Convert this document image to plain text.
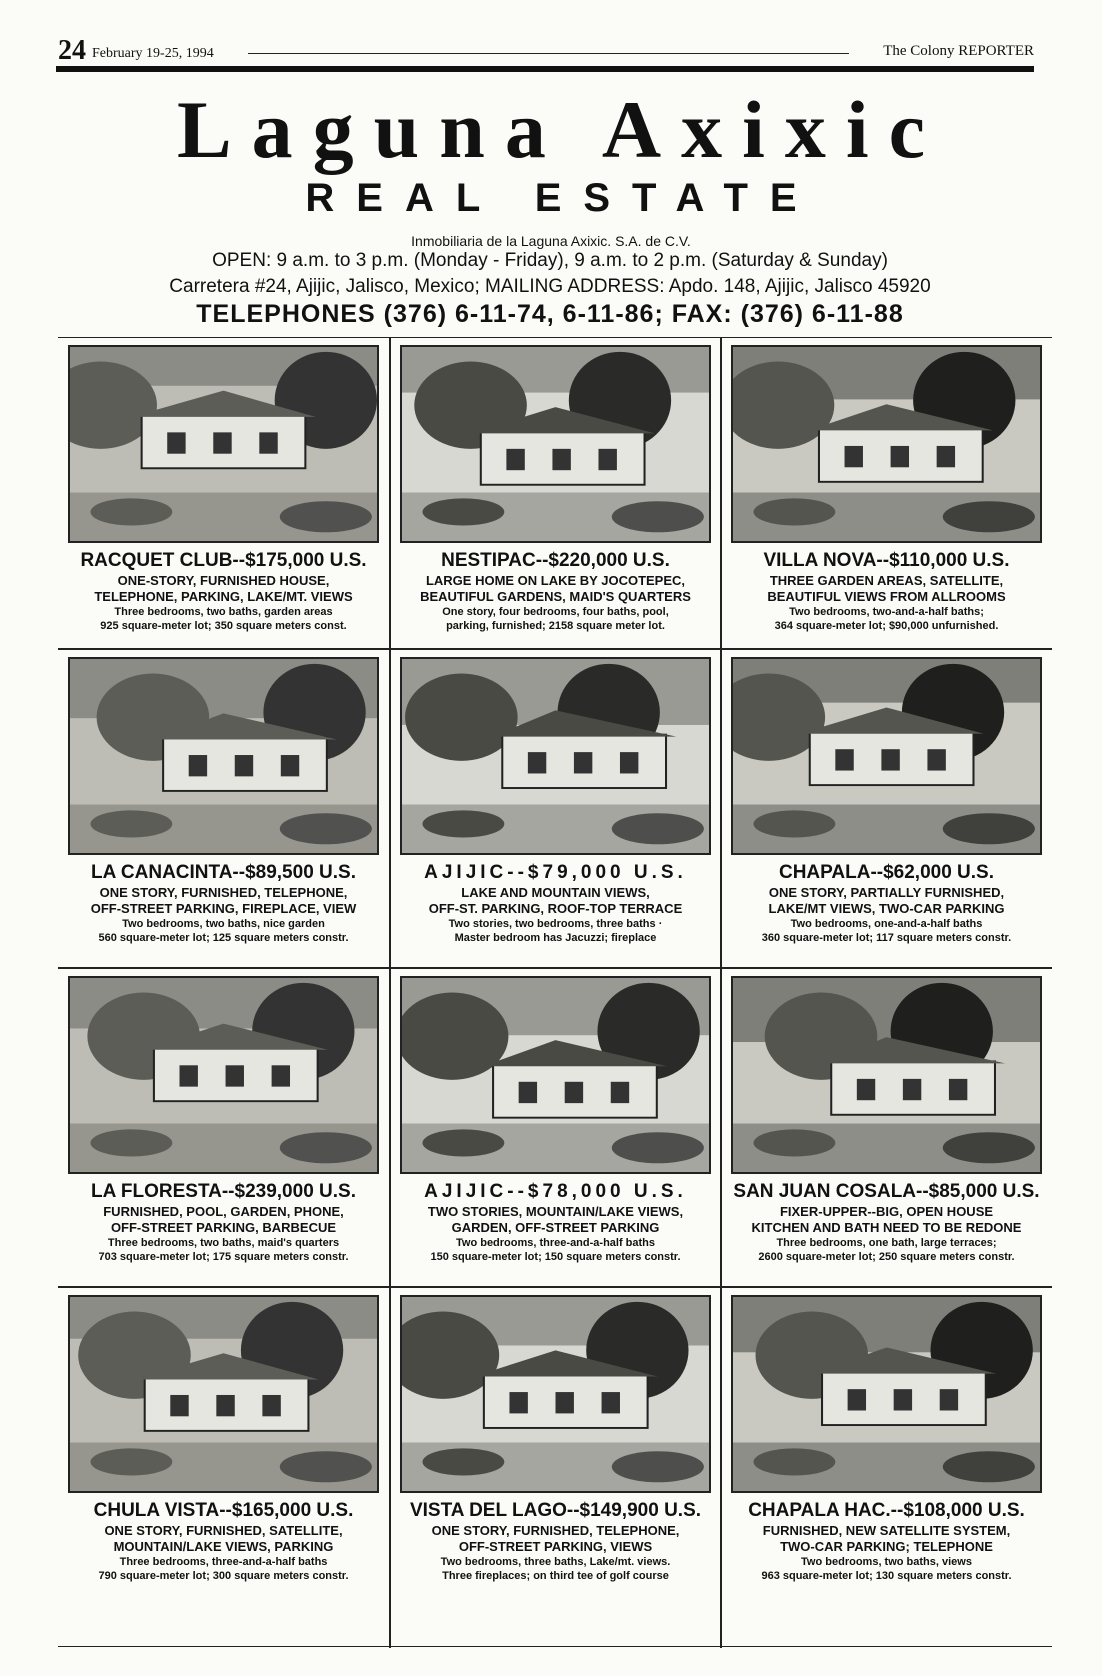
24 February 19-25, 1994	The Colony REPORTER
Laguna Axixic
REAL ESTATE
Inmobiliaria de la Laguna Axixic. S.A. de C.V.
OPEN: 9 a.m. to 3 p.m. (Monday - Friday), 9 a.m. to 2 p.m. (Saturday & Sunday)
Carretera #24, Ajijic, Jalisco, Mexico; MAILING ADDRESS: Apdo. 148, Ajijic, Jalisco 45920
TELEPHONES (376) 6-11-74, 6-11-86; FAX: (376) 6-11-88
RACQUET CLUB--$175,000 U.S.
ONE-STORY, FURNISHED HOUSE,
TELEPHONE, PARKING, LAKE/MT. VIEWS
Three bedrooms, two baths, garden areas
925 square-meter lot; 350 square meters const.
NESTIPAC--$220,000 U.S.
LARGE HOME ON LAKE BY JOCOTEPEC,
BEAUTIFUL GARDENS, MAID'S QUARTERS
One story, four bedrooms, four baths, pool,
parking, furnished; 2158 square meter lot.
VILLA NOVA--$110,000 U.S.
THREE GARDEN AREAS, SATELLITE,
BEAUTIFUL VIEWS FROM ALLROOMS
Two bedrooms, two-and-a-half baths;
364 square-meter lot; $90,000 unfurnished.
LA CANACINTA--$89,500 U.S.
ONE STORY, FURNISHED, TELEPHONE,
OFF-STREET PARKING, FIREPLACE, VIEW
Two bedrooms, two baths, nice garden
560 square-meter lot; 125 square meters constr.
AJIJIC--$79,000 U.S.
LAKE AND MOUNTAIN VIEWS,
OFF-ST. PARKING, ROOF-TOP TERRACE
Two stories, two bedrooms, three baths ·
Master bedroom has Jacuzzi; fireplace
CHAPALA--$62,000 U.S.
ONE STORY, PARTIALLY FURNISHED,
LAKE/MT VIEWS, TWO-CAR PARKING
Two bedrooms, one-and-a-half baths
360 square-meter lot; 117 square meters constr.
LA FLORESTA--$239,000 U.S.
FURNISHED, POOL, GARDEN, PHONE,
OFF-STREET PARKING, BARBECUE
Three bedrooms, two baths, maid's quarters
703 square-meter lot; 175 square meters constr.
AJIJIC--$78,000 U.S.
TWO STORIES, MOUNTAIN/LAKE VIEWS,
GARDEN, OFF-STREET PARKING
Two bedrooms, three-and-a-half baths
150 square-meter lot; 150 square meters constr.
SAN JUAN COSALA--$85,000 U.S.
FIXER-UPPER--BIG, OPEN HOUSE
KITCHEN AND BATH NEED TO BE REDONE
Three bedrooms, one bath, large terraces;
2600 square-meter lot; 250 square meters constr.
CHULA VISTA--$165,000 U.S.
ONE STORY, FURNISHED, SATELLITE,
MOUNTAIN/LAKE VIEWS, PARKING
Three bedrooms, three-and-a-half baths
790 square-meter lot; 300 square meters constr.
VISTA DEL LAGO--$149,900 U.S.
ONE STORY, FURNISHED, TELEPHONE,
OFF-STREET PARKING, VIEWS
Two bedrooms, three baths, Lake/mt. views.
Three fireplaces; on third tee of golf course
CHAPALA HAC.--$108,000 U.S.
FURNISHED, NEW SATELLITE SYSTEM,
TWO-CAR PARKING; TELEPHONE
Two bedrooms, two baths, views
963 square-meter lot; 130 square meters constr.
